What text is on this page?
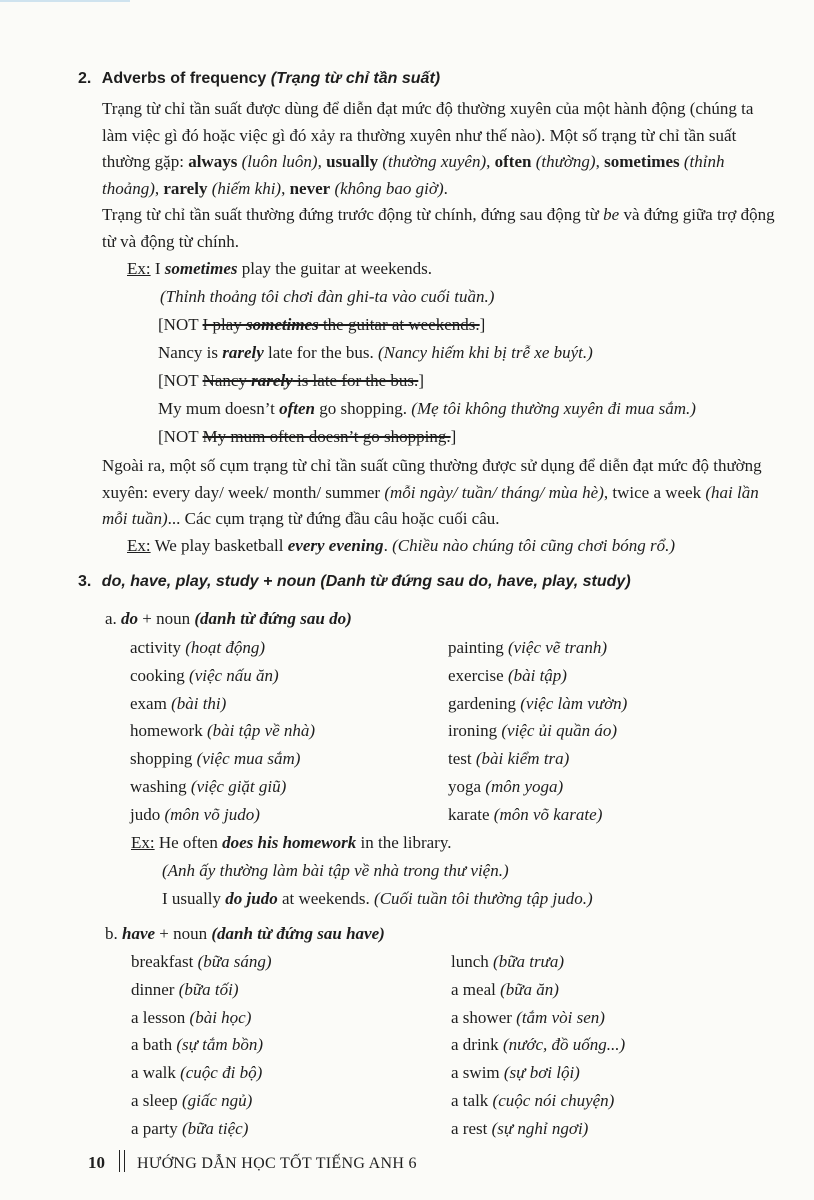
2. Adverbs of frequency (Trạng từ chỉ tần suất)
Trạng từ chỉ tần suất được dùng để diễn đạt mức độ thường xuyên của một hành động (chúng ta làm việc gì đó hoặc việc gì đó xảy ra thường xuyên như thế nào). Một số trạng từ chỉ tần suất thường gặp: always (luôn luôn), usually (thường xuyên), often (thường), sometimes (thỉnh thoảng), rarely (hiếm khi), never (không bao giờ).
Trạng từ chỉ tần suất thường đứng trước động từ chính, đứng sau động từ be và đứng giữa trợ động từ và động từ chính.
Ex: I sometimes play the guitar at weekends.
(Thỉnh thoảng tôi chơi đàn ghi-ta vào cuối tuần.)
[NOT I play sometimes the guitar at weekends.]
Nancy is rarely late for the bus. (Nancy hiếm khi bị trễ xe buýt.)
[NOT Nancy rarely is late for the bus.]
My mum doesn’t often go shopping. (Mẹ tôi không thường xuyên đi mua sắm.)
[NOT My mum often doesn’t go shopping.]
Ngoài ra, một số cụm trạng từ chỉ tần suất cũng thường được sử dụng để diễn đạt mức độ thường xuyên: every day/ week/ month/ summer (mỗi ngày/ tuần/ tháng/ mùa hè), twice a week (hai lần mỗi tuần)... Các cụm trạng từ đứng đầu câu hoặc cuối câu.
Ex: We play basketball every evening. (Chiều nào chúng tôi cũng chơi bóng rổ.)
3. do, have, play, study + noun (Danh từ đứng sau do, have, play, study)
a. do + noun (danh từ đứng sau do)
activity (hoạt động)
cooking (việc nấu ăn)
exam (bài thi)
homework (bài tập về nhà)
shopping (việc mua sắm)
washing (việc giặt giũ)
judo (môn võ judo)
painting (việc vẽ tranh)
exercise (bài tập)
gardening (việc làm vườn)
ironing (việc ủi quần áo)
test (bài kiểm tra)
yoga (môn yoga)
karate (môn võ karate)
Ex: He often does his homework in the library.
(Anh ấy thường làm bài tập về nhà trong thư viện.)
I usually do judo at weekends. (Cuối tuần tôi thường tập judo.)
b. have + noun (danh từ đứng sau have)
breakfast (bữa sáng)
dinner (bữa tối)
a lesson (bài học)
a bath (sự tắm bồn)
a walk (cuộc đi bộ)
a sleep (giấc ngủ)
a party (bữa tiệc)
lunch (bữa trưa)
a meal (bữa ăn)
a shower (tắm vòi sen)
a drink (nước, đồ uống...)
a swim (sự bơi lội)
a talk (cuộc nói chuyện)
a rest (sự nghỉ ngơi)
10 HƯỚNG DẪN HỌC TỐT TIẾNG ANH 6
